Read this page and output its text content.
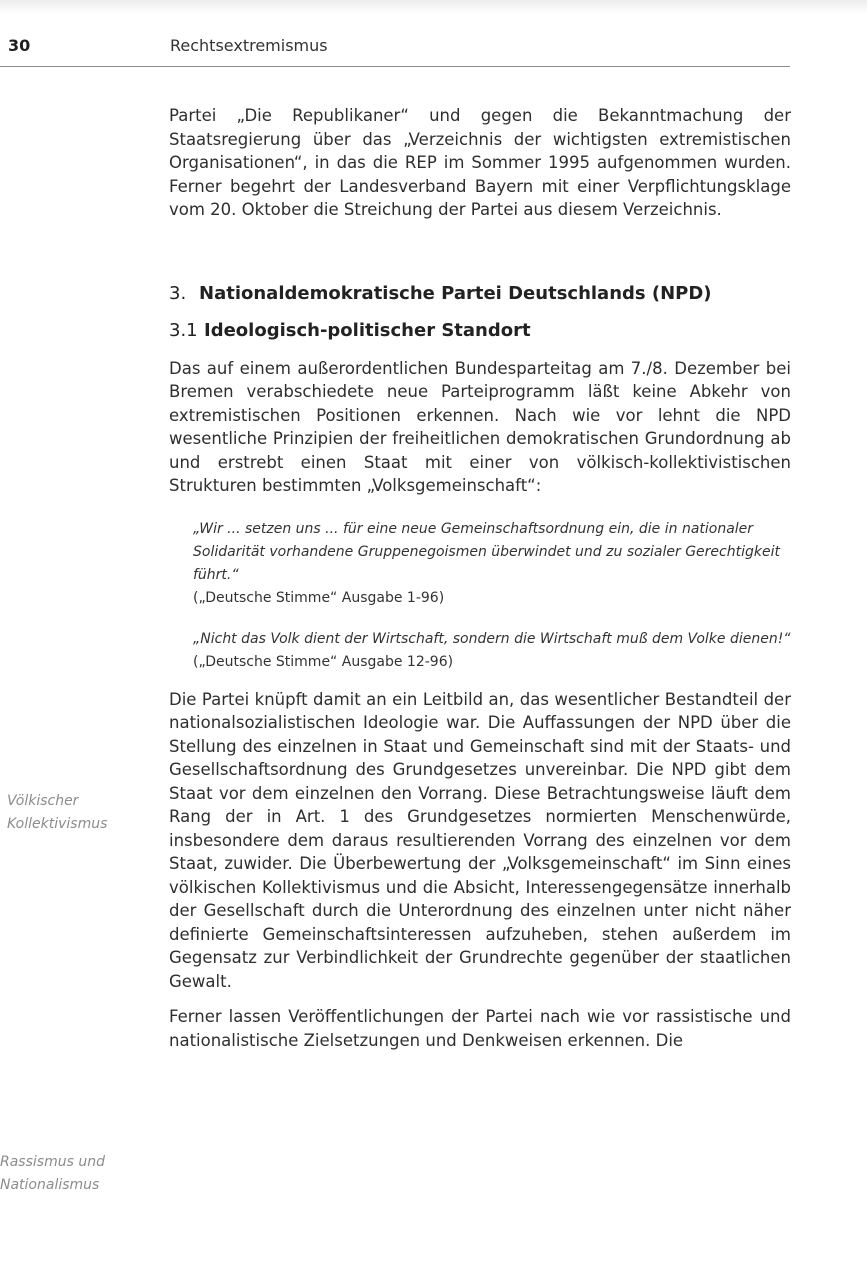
30	Rechtsextremismus
Völkischer
Kollektivismus
Rassismus und
Nationalismus

Partei „Die Republikaner“ und gegen die Bekanntmachung der Staatsregierung über das „Verzeichnis der wichtigsten extremistischen Organisationen“, in das die REP im Sommer 1995 aufgenommen wurden. Ferner begehrt der Landesverband Bayern mit einer Verpflichtungsklage vom 20. Oktober die Streichung der Partei aus diesem Verzeichnis.

3. Nationaldemokratische Partei Deutschlands (NPD)
3.1 Ideologisch-politischer Standort

Das auf einem außerordentlichen Bundesparteitag am 7./8. Dezember bei Bremen verabschiedete neue Parteiprogramm läßt keine Abkehr von extremistischen Positionen erkennen. Nach wie vor lehnt die NPD wesentliche Prinzipien der freiheitlichen demokratischen Grundordnung ab und erstrebt einen Staat mit einer von völkisch-kollektivistischen Strukturen bestimmten „Volksgemeinschaft“:

„Wir ... setzen uns ... für eine neue Gemeinschaftsordnung ein, die in nationaler Solidarität vorhandene Gruppenegoismen überwindet und zu sozialer Gerechtigkeit führt.“
(„Deutsche Stimme“ Ausgabe 1-96)
„Nicht das Volk dient der Wirtschaft, sondern die Wirtschaft muß dem Volke dienen!“
(„Deutsche Stimme“ Ausgabe 12-96)

Die Partei knüpft damit an ein Leitbild an, das wesentlicher Bestandteil der nationalsozialistischen Ideologie war. Die Auffassungen der NPD über die Stellung des einzelnen in Staat und Gemeinschaft sind mit der Staats- und Gesellschaftsordnung des Grundgesetzes unvereinbar. Die NPD gibt dem Staat vor dem einzelnen den Vorrang. Diese Betrachtungsweise läuft dem Rang der in Art. 1 des Grundgesetzes normierten Menschenwürde, insbesondere dem daraus resultierenden Vorrang des einzelnen vor dem Staat, zuwider. Die Überbewertung der „Volksgemeinschaft“ im Sinn eines völkischen Kollektivismus und die Absicht, Interessengegensätze innerhalb der Gesellschaft durch die Unterordnung des einzelnen unter nicht näher definierte Gemeinschaftsinteressen aufzuheben, stehen außerdem im Gegensatz zur Verbindlichkeit der Grundrechte gegenüber der staatlichen Gewalt.

Ferner lassen Veröffentlichungen der Partei nach wie vor rassistische und nationalistische Zielsetzungen und Denkweisen erkennen. Die
